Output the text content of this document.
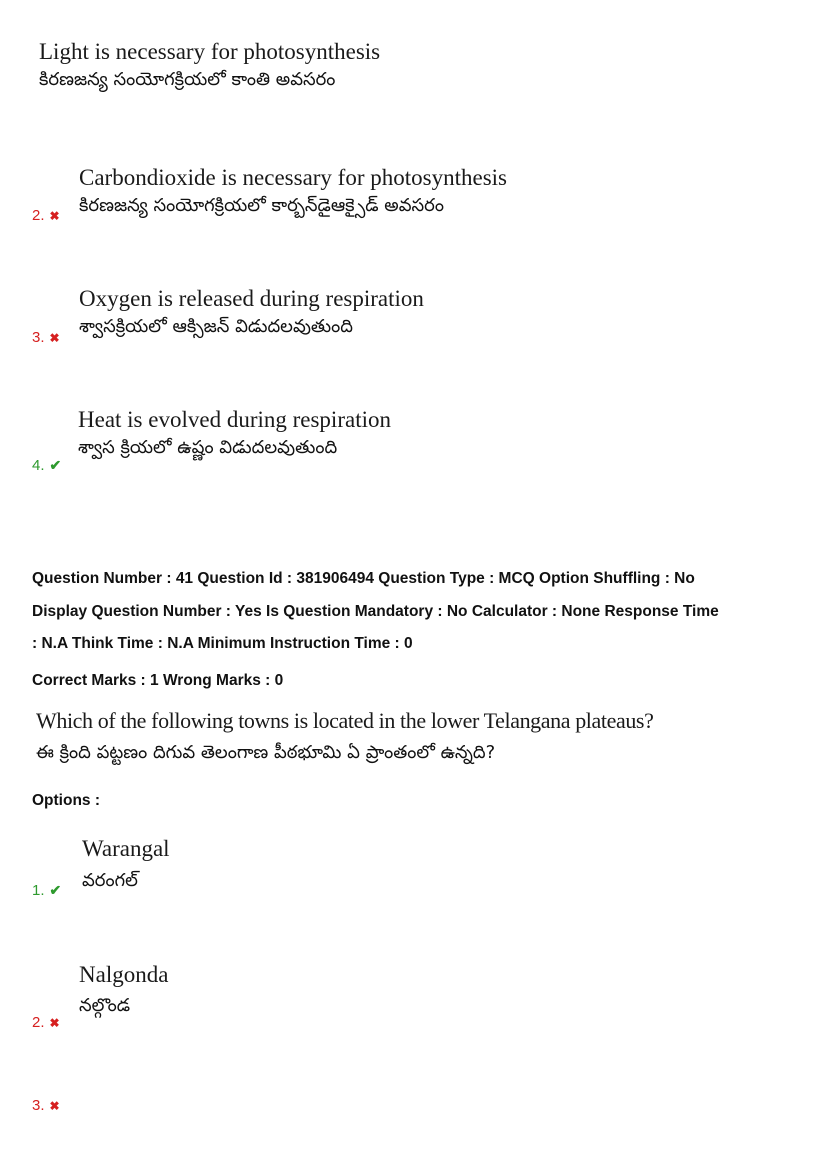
Light is necessary for photosynthesis
కిరణజన్య సంయోగక్రియలో కాంతి అవసరం
Carbondioxide is necessary for photosynthesis
కిరణజన్య సంయోగక్రియలో కార్బన్‌డైఆక్సైడ్ అవసరం
2. ✖
Oxygen is released during respiration
శ్వాసక్రియలో ఆక్సిజన్ విడుదలవుతుంది
3. ✖
Heat is evolved during respiration
శ్వాస క్రియలో ఉష్ణం విడుదలవుతుంది
4. ✔
Question Number : 41 Question Id : 381906494 Question Type : MCQ Option Shuffling : No
Display Question Number : Yes Is Question Mandatory : No Calculator : None Response Time
: N.A Think Time : N.A Minimum Instruction Time : 0
Correct Marks : 1 Wrong Marks : 0
Which of the following towns is located in the lower Telangana plateaus?
ఈ క్రింది పట్టణం దిగువ తెలంగాణ పీఠభూమి ఏ ప్రాంతంలో ఉన్నది?
Options :
Warangal
వరంగల్
1. ✔
Nalgonda
నల్గొండ
2. ✖
3. ✖
